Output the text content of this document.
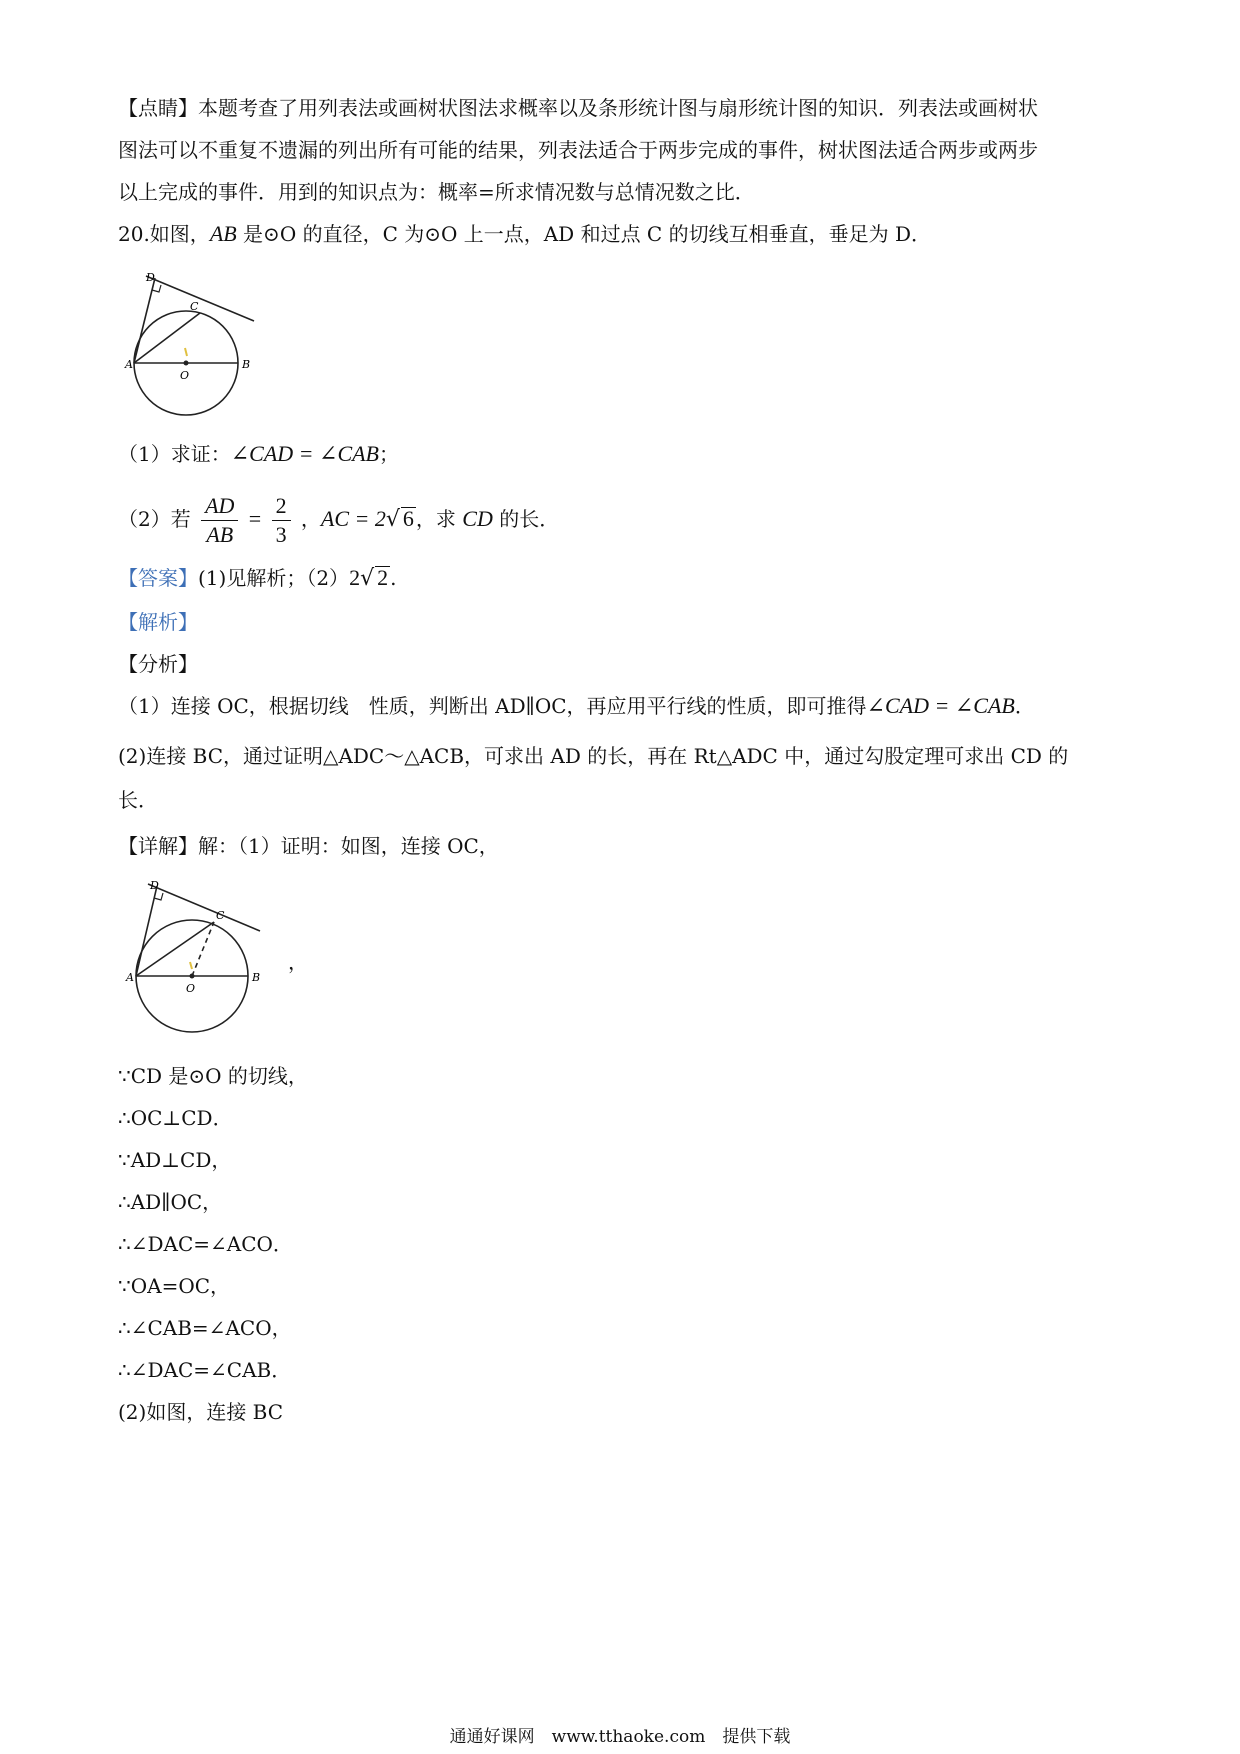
【点睛】本题考查了用列表法或画树状图法求概率以及条形统计图与扇形统计图的知识．列表法或画树状
图法可以不重复不遗漏的列出所有可能的结果，列表法适合于两步完成的事件，树状图法适合两步或两步
以上完成的事件．用到的知识点为：概率=所求情况数与总情况数之比．
20.如图，AB 是⊙O 的直径，C 为⊙O 上一点，AD 和过点 C 的切线互相垂直，垂足为 D．
D
C
A	B
O
（1）求证：∠CAD = ∠CAB；
（2）若 $\frac{AD}{AB} = \frac{2}{3}$ ，AC = 2√ 6 ，求 CD 的长．
【答案】(1)见解析；（2）2√ 2 .
【解析】
【分析】
（1）连接 OC，根据切线　性质，判断出 AD∥OC，再应用平行线的性质，即可推得∠CAD = ∠CAB．
(2)连接 BC，通过证明△ADC～△ACB，可求出 AD 的长，再在 Rt△ADC 中，通过勾股定理可求出 CD 的
长．
【详解】解：（1）证明：如图，连接 OC，
D
C
A	B
O
，
∵CD 是⊙O 的切线，
∴OC⊥CD．
∵AD⊥CD，
∴AD∥OC，
∴∠DAC=∠ACO．
∵OA=OC，
∴∠CAB=∠ACO，
∴∠DAC=∠CAB．
(2)如图，连接 BC
通通好课网　www.tthaoke.com　提供下载
